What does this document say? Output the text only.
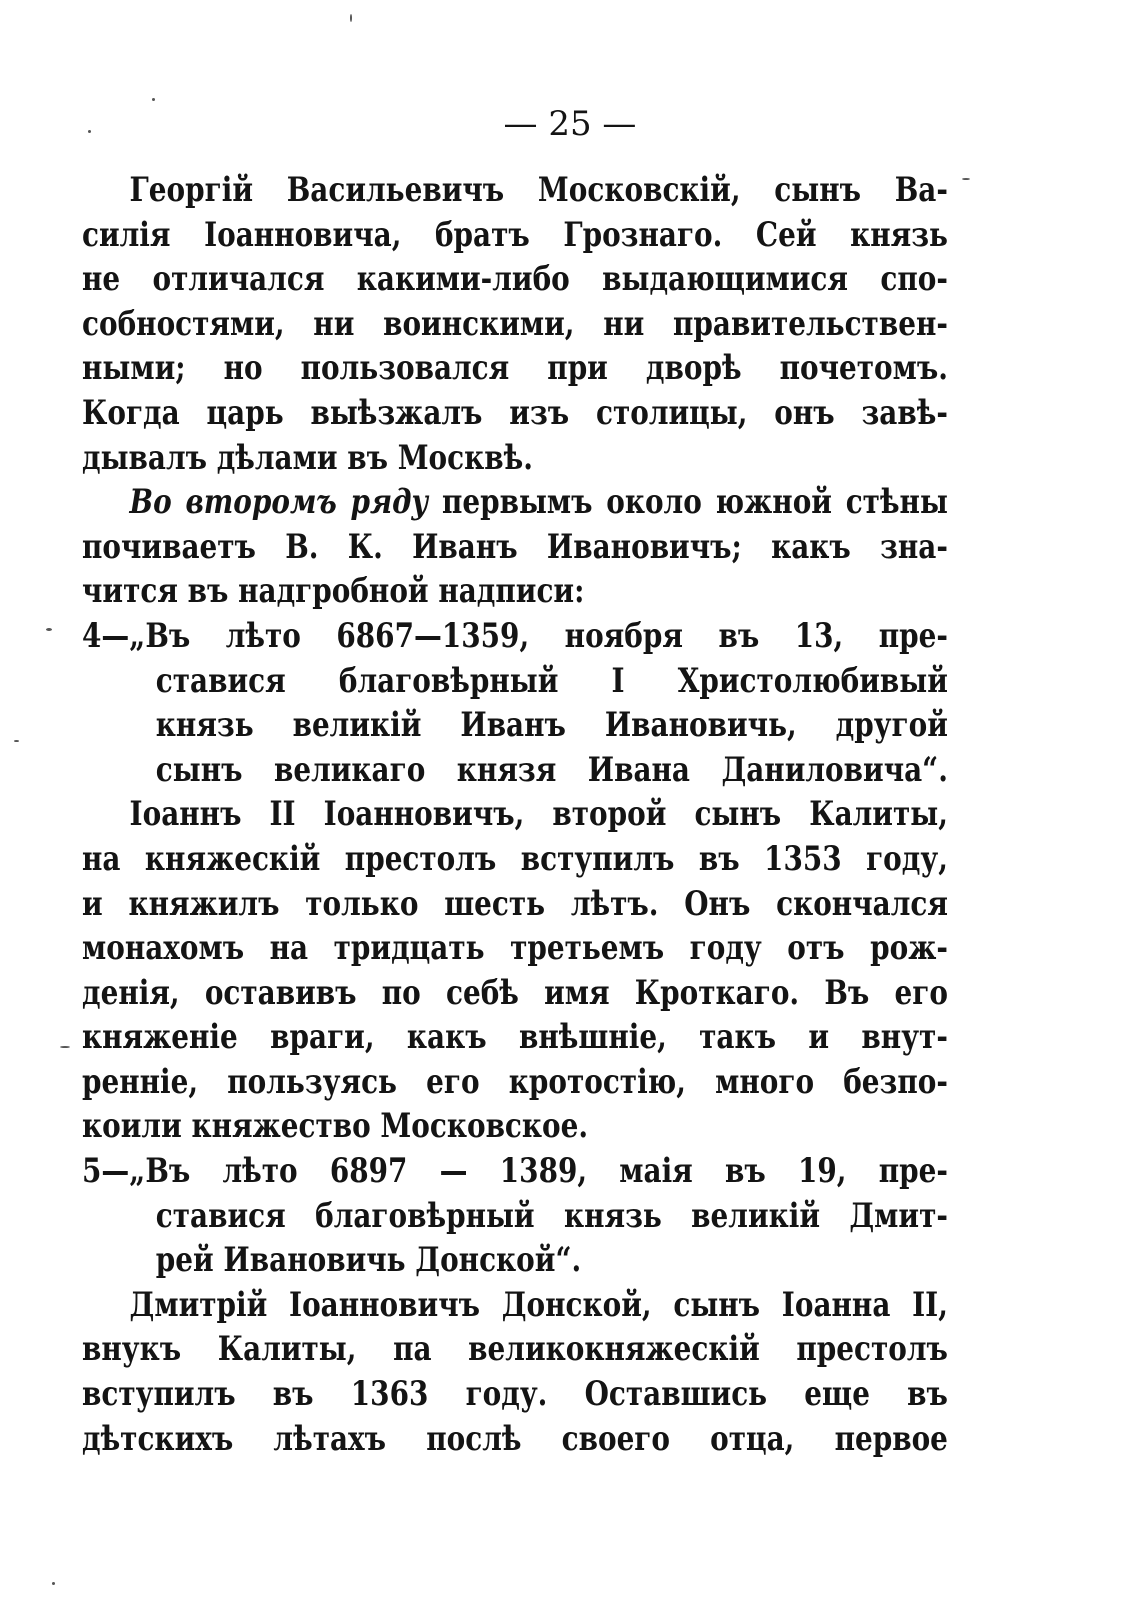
— 25 —
Георгій Васильевичъ Московскій, сынъ Ва-
силія Іоанновича, братъ Грознаго. Сей князь
не отличался какими-либо выдающимися спо-
собностями, ни воинскими, ни правительствен-
ными; но пользовался при дворѣ почетомъ.
Когда царь выѣзжалъ изъ столицы, онъ завѣ-
дывалъ дѣлами въ Москвѣ.
Во второмъ ряду первымъ около южной стѣны
почиваетъ В. К. Иванъ Ивановичъ; какъ зна-
чится въ надгробной надписи:
4—„Въ лѣто 6867—1359, ноября въ 13, пре-
ставися благовѣрный І Христолюбивый
князь великій Иванъ Ивановичь, другой
сынъ великаго князя Ивана Даниловича“.
Іоаннъ II Іоанновичъ, второй сынъ Калиты,
на княжескій престолъ вступилъ въ 1353 году,
и княжилъ только шесть лѣтъ. Онъ скончался
монахомъ на тридцать третьемъ году отъ рож-
денія, оставивъ по себѣ имя Кроткаго. Въ его
княженіе враги, какъ внѣшніе, такъ и внут-
ренніе, пользуясь его кротостію, много безпо-
коили княжество Московское.
5—„Въ лѣто 6897 — 1389, маія въ 19, пре-
ставися благовѣрный князь великій Дмит-
рей Ивановичь Донской“.
Дмитрій Іоанновичъ Донской, сынъ Іоанна II,
внукъ Калиты, па великокняжескій престолъ
вступилъ въ 1363 году. Оставшись еще въ
дѣтскихъ лѣтахъ послѣ своего отца, первое
